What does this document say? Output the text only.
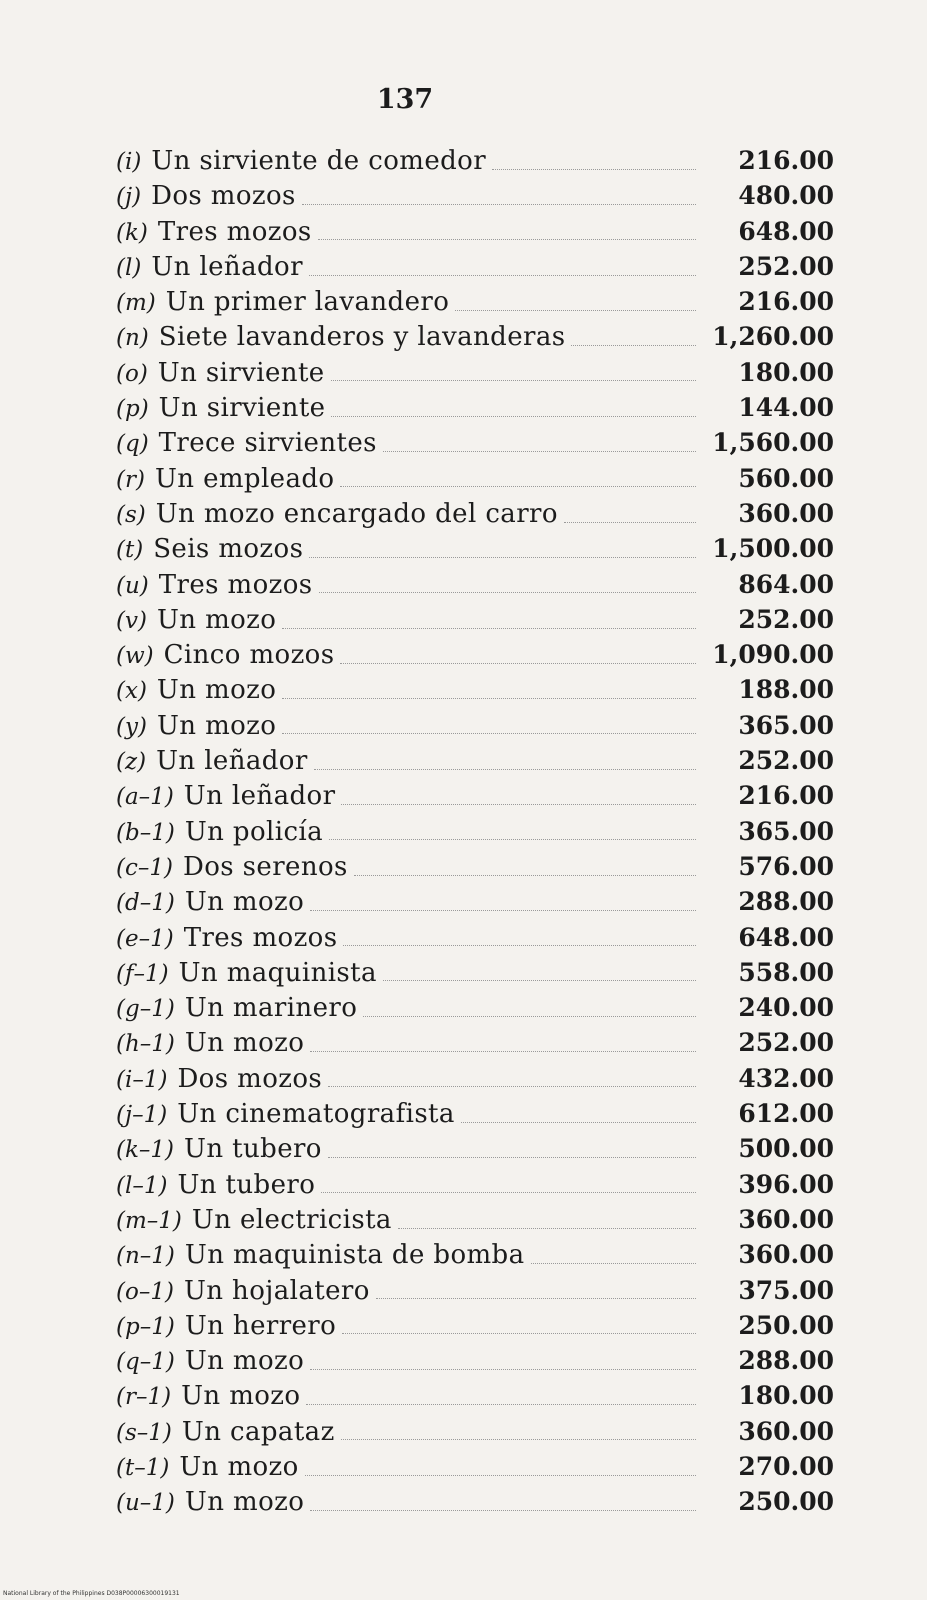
137
(i) Un sirviente de comedor	216.00
(j) Dos mozos	480.00
(k) Tres mozos	648.00
(l) Un leñador	252.00
(m) Un primer lavandero	216.00
(n) Siete lavanderos y lavanderas	1,260.00
(o) Un sirviente	180.00
(p) Un sirviente	144.00
(q) Trece sirvientes	1,560.00
(r) Un empleado	560.00
(s) Un mozo encargado del carro	360.00
(t) Seis mozos	1,500.00
(u) Tres mozos	864.00
(v) Un mozo	252.00
(w) Cinco mozos	1,090.00
(x) Un mozo	188.00
(y) Un mozo	365.00
(z) Un leñador	252.00
(a–1) Un leñador	216.00
(b–1) Un policía	365.00
(c–1) Dos serenos	576.00
(d–1) Un mozo	288.00
(e–1) Tres mozos	648.00
(f–1) Un maquinista	558.00
(g–1) Un marinero	240.00
(h–1) Un mozo	252.00
(i–1) Dos mozos	432.00
(j–1) Un cinematografista	612.00
(k–1) Un tubero	500.00
(l–1) Un tubero	396.00
(m–1) Un electricista	360.00
(n–1) Un maquinista de bomba	360.00
(o–1) Un hojalatero	375.00
(p–1) Un herrero	250.00
(q–1) Un mozo	288.00
(r–1) Un mozo	180.00
(s–1) Un capataz	360.00
(t–1) Un mozo	270.00
(u–1) Un mozo	250.00
National Library of the Philippines D038P00006300019131
